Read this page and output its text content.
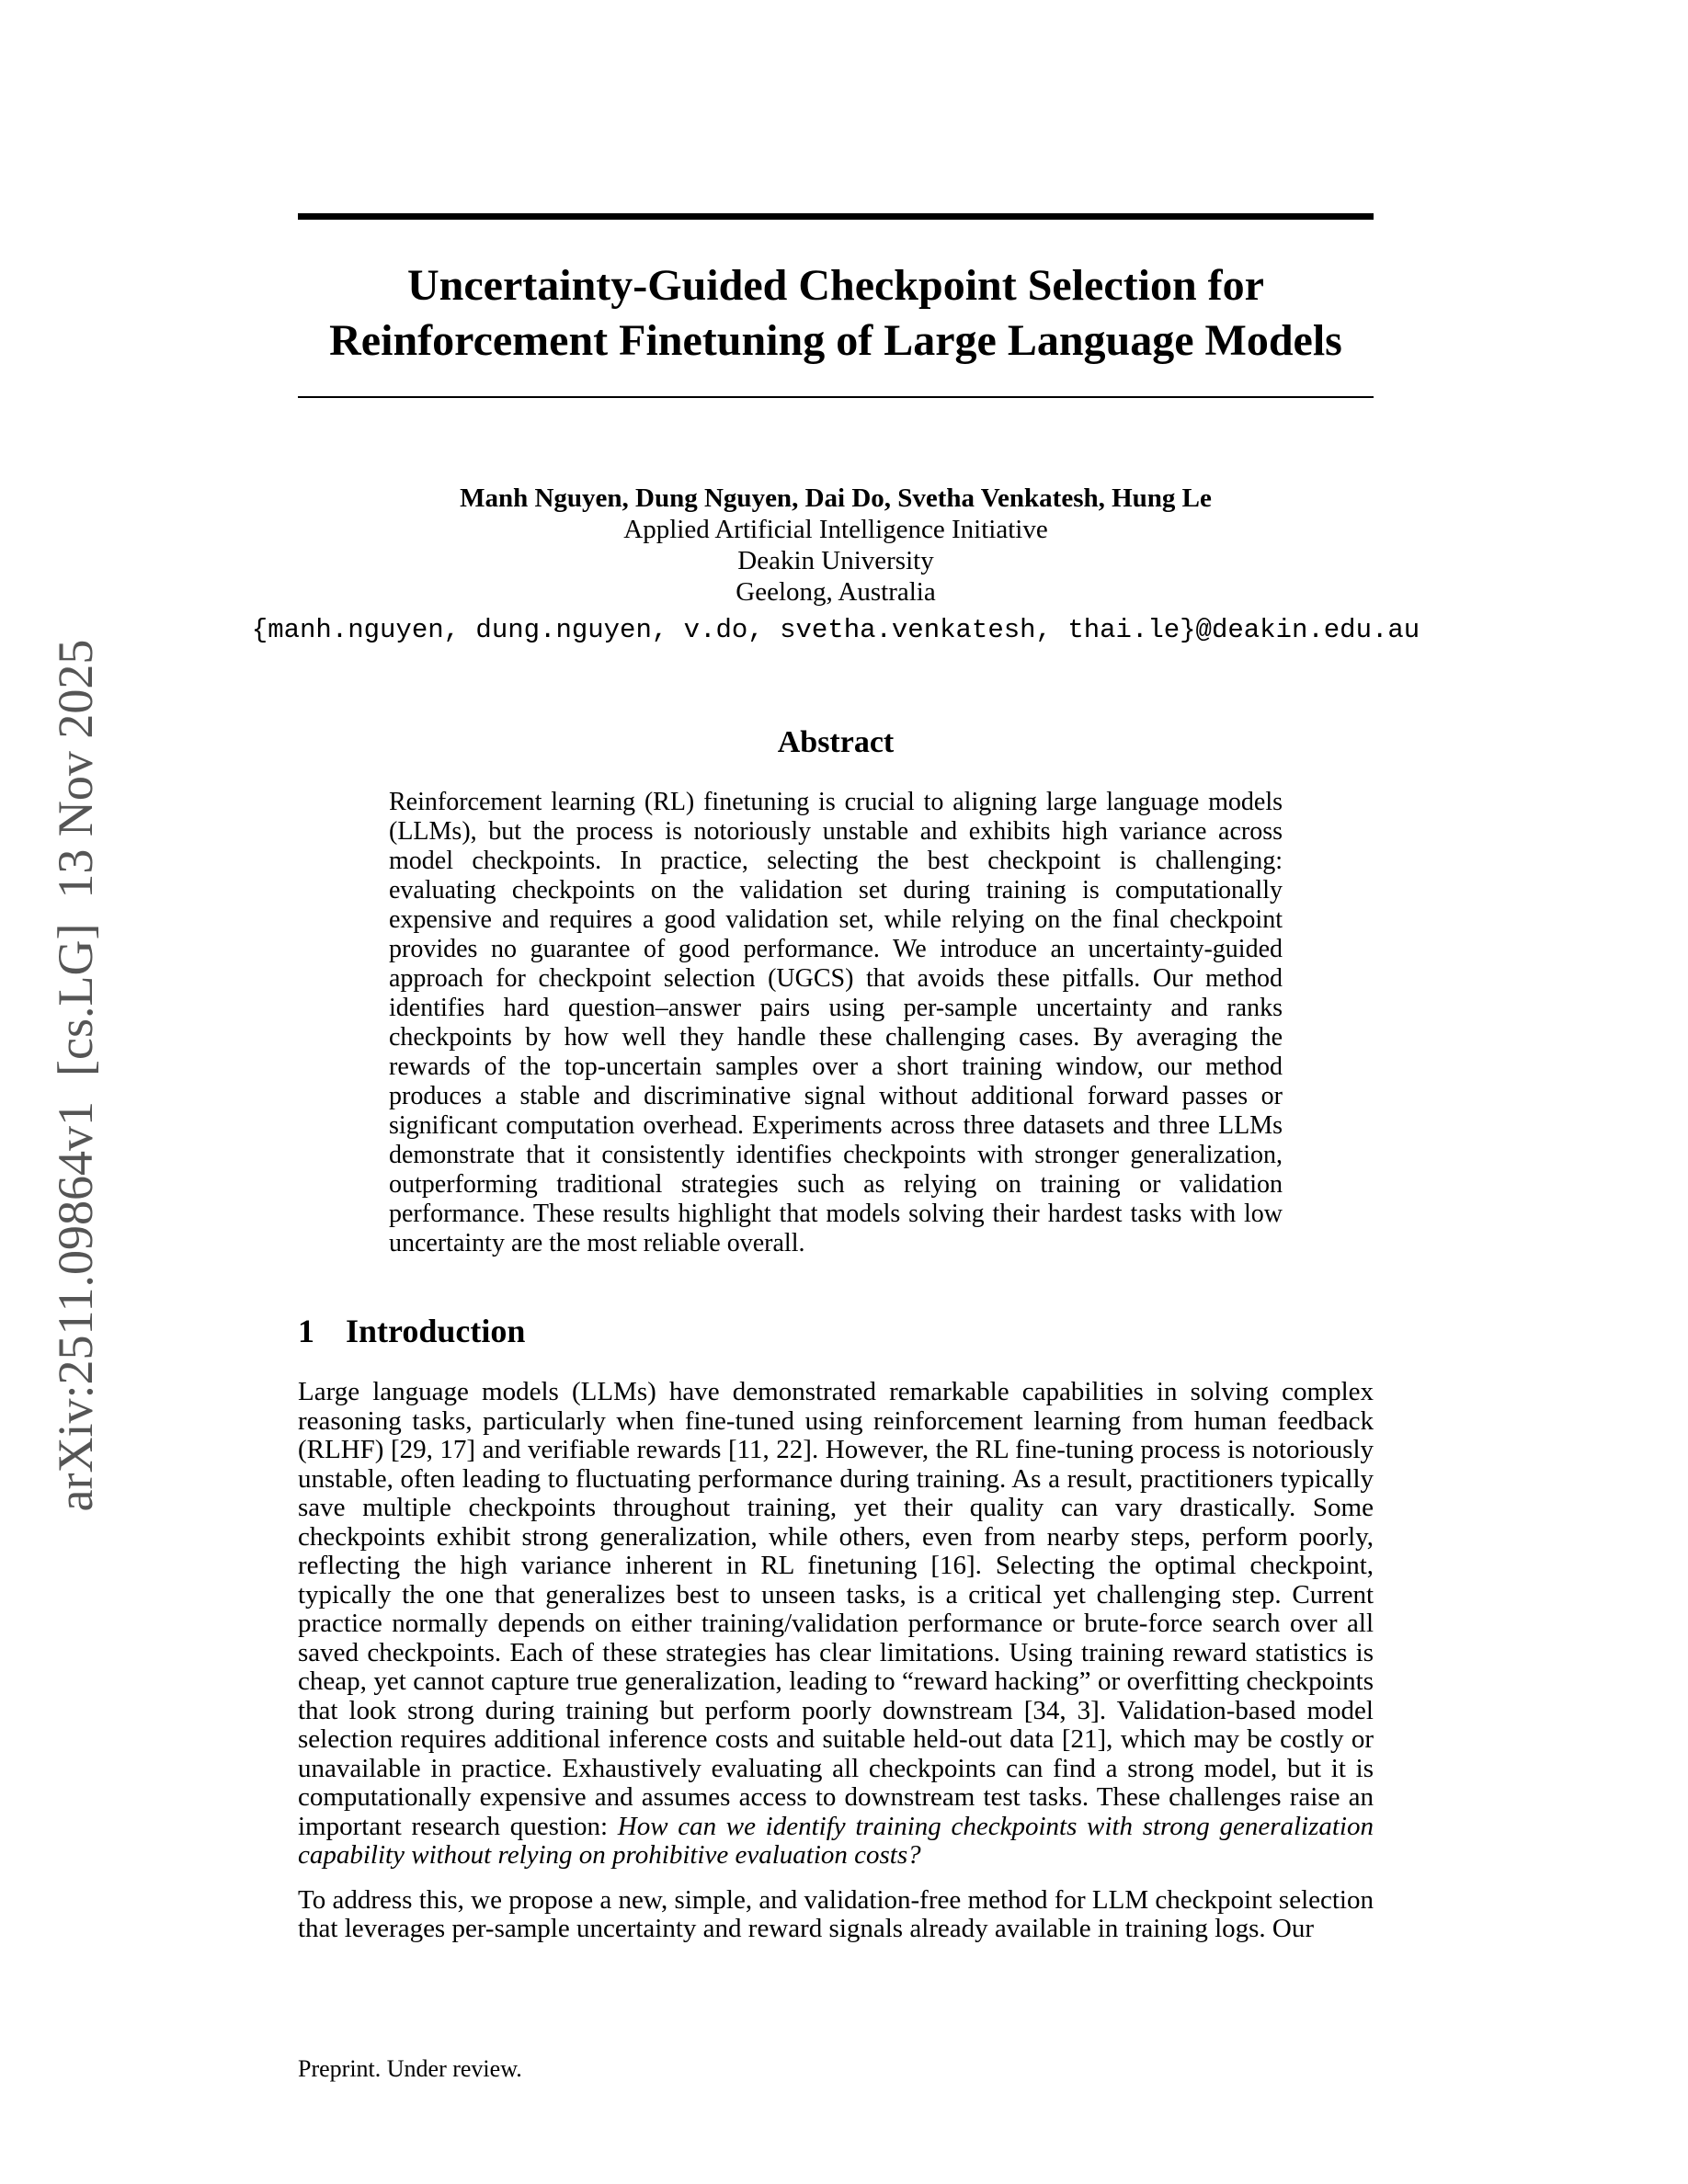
arXiv:2511.09864v1  [cs.LG]  13 Nov 2025
Uncertainty-Guided Checkpoint Selection for
Reinforcement Finetuning of Large Language Models
Manh Nguyen, Dung Nguyen, Dai Do, Svetha Venkatesh, Hung Le
Applied Artificial Intelligence Initiative
Deakin University
Geelong, Australia
{manh.nguyen, dung.nguyen, v.do, svetha.venkatesh, thai.le}@deakin.edu.au
Abstract

Reinforcement learning (RL) finetuning is crucial to aligning large language models (LLMs), but the process is notoriously unstable and exhibits high variance across model checkpoints. In practice, selecting the best checkpoint is challenging: evaluating checkpoints on the validation set during training is computationally expensive and requires a good validation set, while relying on the final checkpoint provides no guarantee of good performance. We introduce an uncertainty-guided approach for checkpoint selection (UGCS) that avoids these pitfalls. Our method identifies hard question–answer pairs using per-sample uncertainty and ranks checkpoints by how well they handle these challenging cases. By averaging the rewards of the top-uncertain samples over a short training window, our method produces a stable and discriminative signal without additional forward passes or significant computation overhead. Experiments across three datasets and three LLMs demonstrate that it consistently identifies checkpoints with stronger generalization, outperforming traditional strategies such as relying on training or validation performance. These results highlight that models solving their hardest tasks with low uncertainty are the most reliable overall.

1 Introduction

Large language models (LLMs) have demonstrated remarkable capabilities in solving complex reasoning tasks, particularly when fine-tuned using reinforcement learning from human feedback (RLHF) [29, 17] and verifiable rewards [11, 22]. However, the RL fine-tuning process is notoriously unstable, often leading to fluctuating performance during training. As a result, practitioners typically save multiple checkpoints throughout training, yet their quality can vary drastically. Some checkpoints exhibit strong generalization, while others, even from nearby steps, perform poorly, reflecting the high variance inherent in RL finetuning [16]. Selecting the optimal checkpoint, typically the one that generalizes best to unseen tasks, is a critical yet challenging step. Current practice normally depends on either training/validation performance or brute-force search over all saved checkpoints. Each of these strategies has clear limitations. Using training reward statistics is cheap, yet cannot capture true generalization, leading to “reward hacking” or overfitting checkpoints that look strong during training but perform poorly downstream [34, 3]. Validation-based model selection requires additional inference costs and suitable held-out data [21], which may be costly or unavailable in practice. Exhaustively evaluating all checkpoints can find a strong model, but it is computationally expensive and assumes access to downstream test tasks. These challenges raise an important research question: How can we identify training checkpoints with strong generalization capability without relying on prohibitive evaluation costs?

To address this, we propose a new, simple, and validation-free method for LLM checkpoint selection that leverages per-sample uncertainty and reward signals already available in training logs. Our

Preprint. Under review.
